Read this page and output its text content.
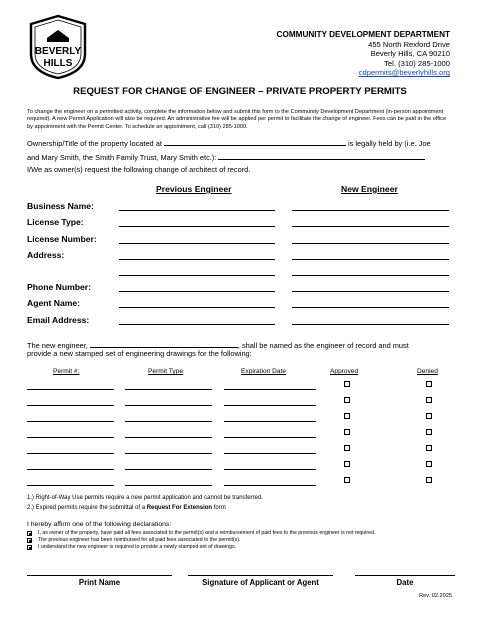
BEVERLY
HILLS
COMMUNITY DEVELOPMENT DEPARTMENT
455 North Rexford Drive
Beverly Hills, CA 90210
Tel. (310) 285-1000
cdpermits@beverlyhills.org
REQUEST FOR CHANGE OF ENGINEER – PRIVATE PROPERTY PERMITS
To change the engineer on a permitted activity, complete the information below and submit this form to the Community Development Department (in-person appointment required). A new Permit Application will also be required. An administrative fee will be applied per permit to facilitate the change of engineer. Fees can be paid in the office by appointment with the Permit Center. To schedule an appointment, call (310) 285-1000.
Ownership/Title of the property located at	is legally held by (i.e. Joe
and Mary Smith, the Smith Family Trust, Mary Smith etc.):
I/We as owner(s) request the following change of architect of record.
Previous Engineer	New Engineer
Business Name:
License Type:
License Number:
Address:
Phone Number:
Agent Name:
Email Address:
The new engineer,	, shall be named as the engineer of record and must
provide a new stamped set of engineering drawings for the following:
Permit #:	Permit Type	Expiration Date	Approved	Denied
1.) Right-of-Way Use permits require a new permit application and cannot be transferred.
2.) Expired permits require the submittal of a Request For Extension form
I hereby affirm one of the following declarations:
I, as owner of the property, have paid all fees associated to the permit(s) and a reimbursement of paid fees to the previous engineer is not required.
The previous engineer has been reimbursed for all paid fees associated to the permit(s).
I understand the new engineer is required to provide a newly stamped set of drawings.
Print Name	Signature of Applicant or Agent	Date
Rev. 02.2025
